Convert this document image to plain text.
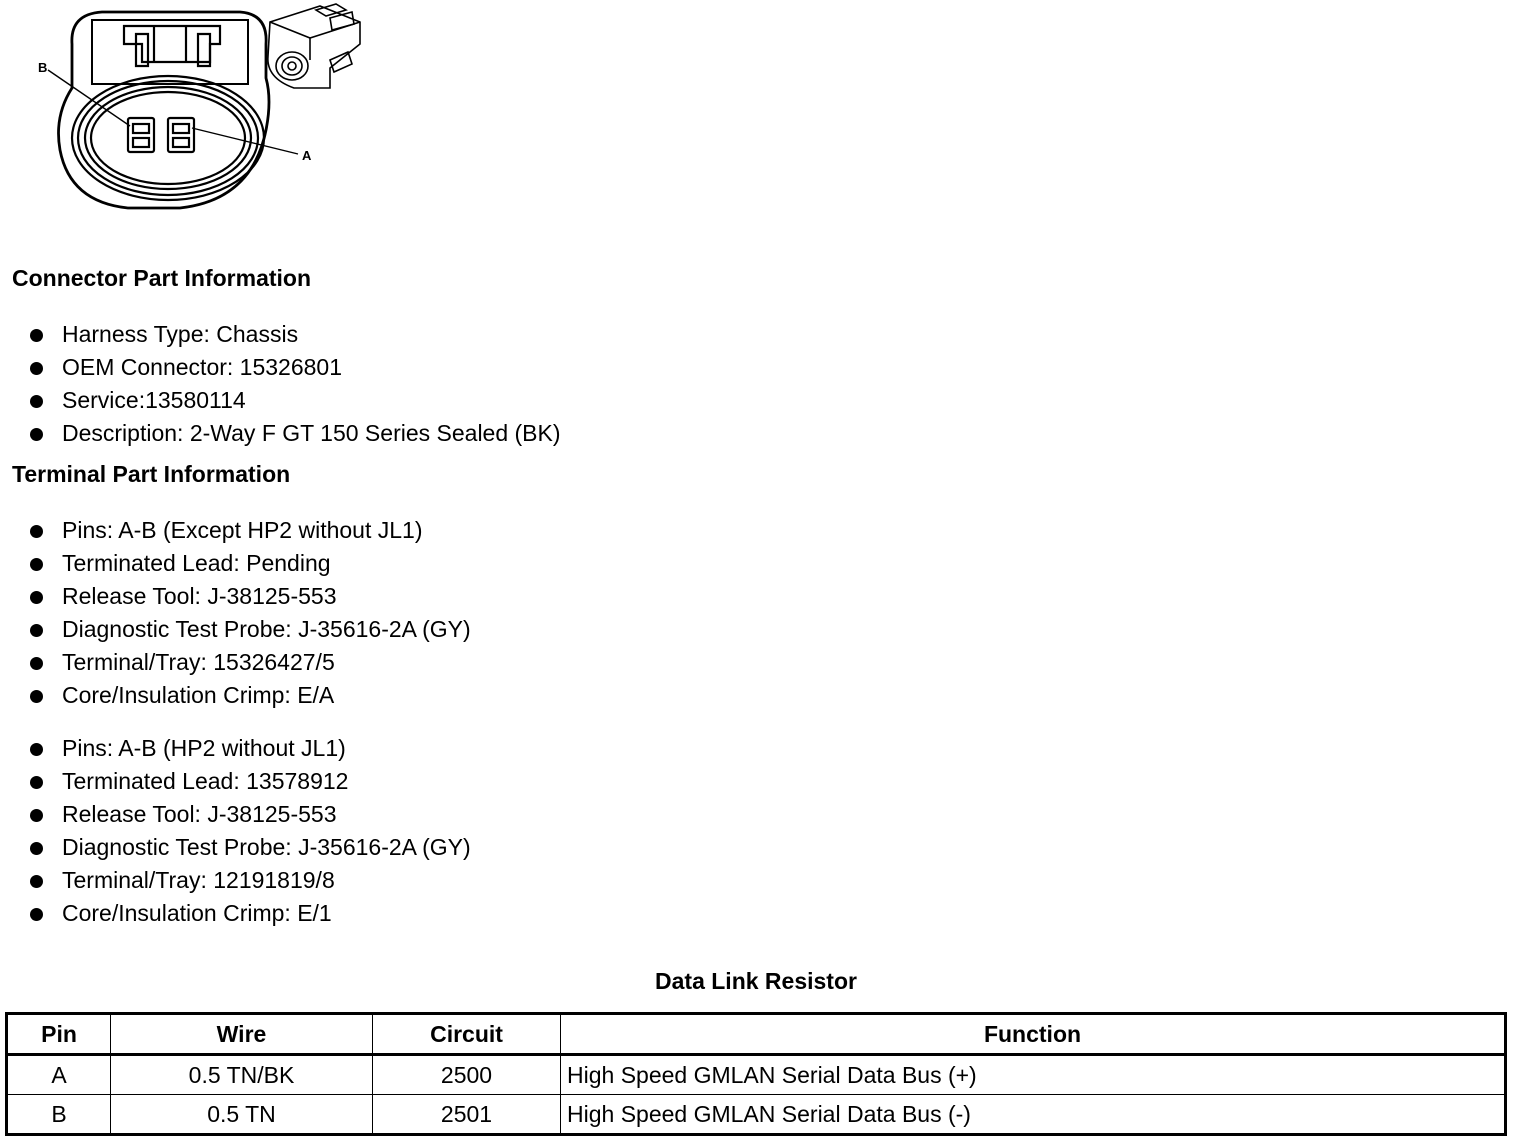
B
A
Connector Part Information
Harness Type: Chassis
OEM Connector: 15326801
Service:13580114
Description: 2-Way F GT 150 Series Sealed (BK)
Terminal Part Information
Pins: A-B (Except HP2 without JL1)
Terminated Lead: Pending
Release Tool: J-38125-553
Diagnostic Test Probe: J-35616-2A (GY)
Terminal/Tray: 15326427/5
Core/Insulation Crimp: E/A
Pins: A-B (HP2 without JL1)
Terminated Lead: 13578912
Release Tool: J-38125-553
Diagnostic Test Probe: J-35616-2A (GY)
Terminal/Tray: 12191819/8
Core/Insulation Crimp: E/1
Data Link Resistor
Pin	Wire	Circuit	Function
A	0.5 TN/BK	2500	High Speed GMLAN Serial Data Bus (+)
B	0.5 TN	2501	High Speed GMLAN Serial Data Bus (-)
